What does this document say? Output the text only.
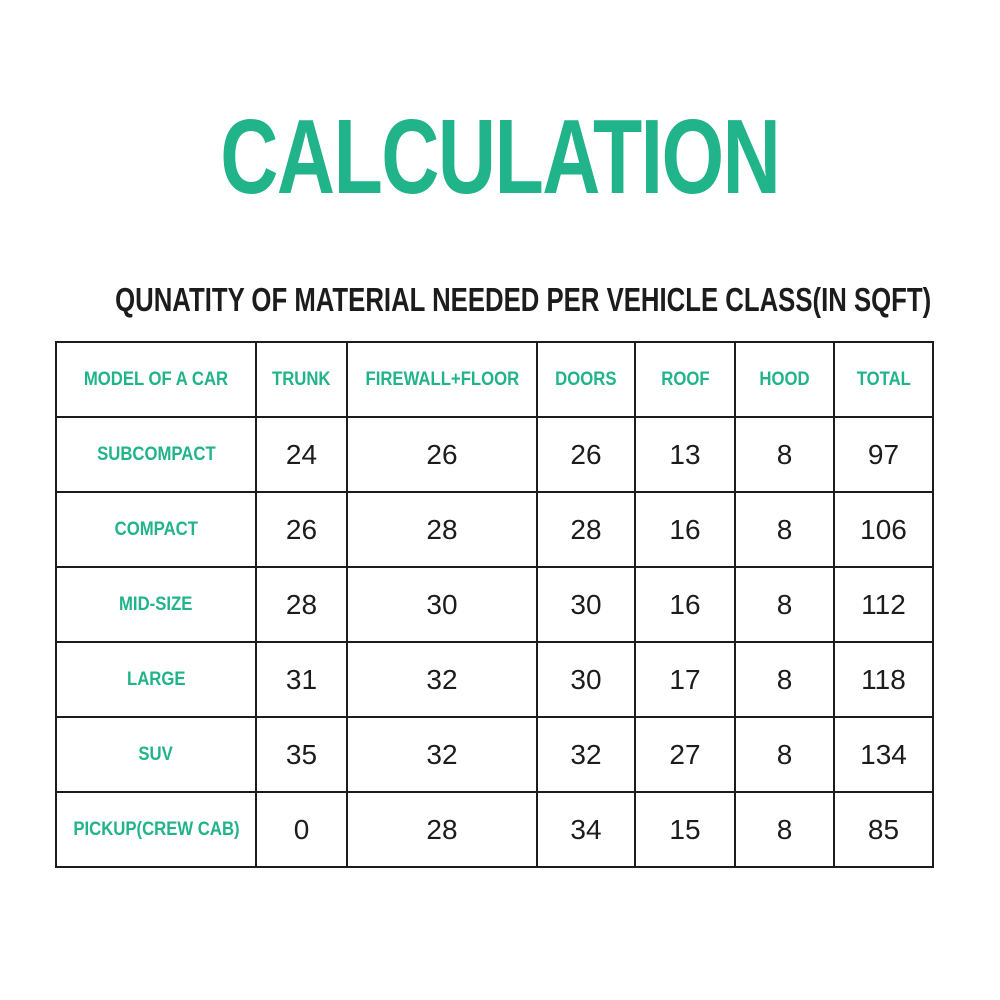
CALCULATION
QUNATITY OF MATERIAL NEEDED PER VEHICLE CLASS(IN SQFT)
MODEL OF A CAR	TRUNK	FIREWALL+FLOOR	DOORS	ROOF	HOOD	TOTAL
SUBCOMPACT	24	26	26	13	8	97
COMPACT	26	28	28	16	8	106
MID-SIZE	28	30	30	16	8	112
LARGE	31	32	30	17	8	118
SUV	35	32	32	27	8	134
PICKUP(CREW CAB)	0	28	34	15	8	85
